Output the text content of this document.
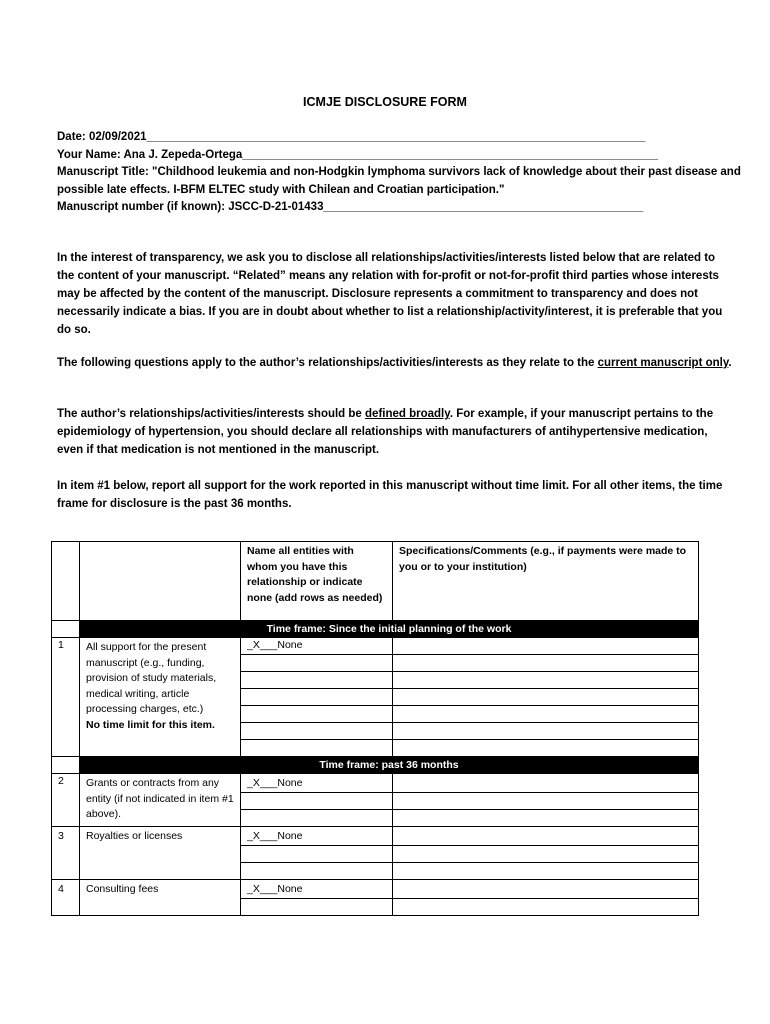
ICMJE DISCLOSURE FORM
Date: 02/09/2021______________________________________________________________________________
Your Name: Ana J. Zepeda-Ortega_________________________________________________________________
Manuscript Title: "Childhood leukemia and non-Hodgkin lymphoma survivors lack of knowledge about their past disease and possible late effects. I-BFM ELTEC study with Chilean and Croatian participation."
Manuscript number (if known): JSCC-D-21-01433__________________________________________________
In the interest of transparency, we ask you to disclose all relationships/activities/interests listed below that are related to the content of your manuscript. “Related” means any relation with for-profit or not-for-profit third parties whose interests may be affected by the content of the manuscript. Disclosure represents a commitment to transparency and does not necessarily indicate a bias. If you are in doubt about whether to list a relationship/activity/interest, it is preferable that you do so.
The following questions apply to the author’s relationships/activities/interests as they relate to the current manuscript only.
The author’s relationships/activities/interests should be defined broadly. For example, if your manuscript pertains to the epidemiology of hypertension, you should declare all relationships with manufacturers of antihypertensive medication, even if that medication is not mentioned in the manuscript.
In item #1 below, report all support for the work reported in this manuscript without time limit. For all other items, the time frame for disclosure is the past 36 months.
		Name all entities with whom you have this relationship or indicate none (add rows as needed)	Specifications/Comments (e.g., if payments were made to you or to your institution)
	Time frame: Since the initial planning of the work		
1	All support for the present manuscript (e.g., funding, provision of study materials, medical writing, article processing charges, etc.)
No time limit for this item.	_X___None	

	Time frame: past 36 months		
2	Grants or contracts from any entity (if not indicated in item #1 above).	_X___None	

3	Royalties or licenses	_X___None	

4	Consulting fees	_X___None	
